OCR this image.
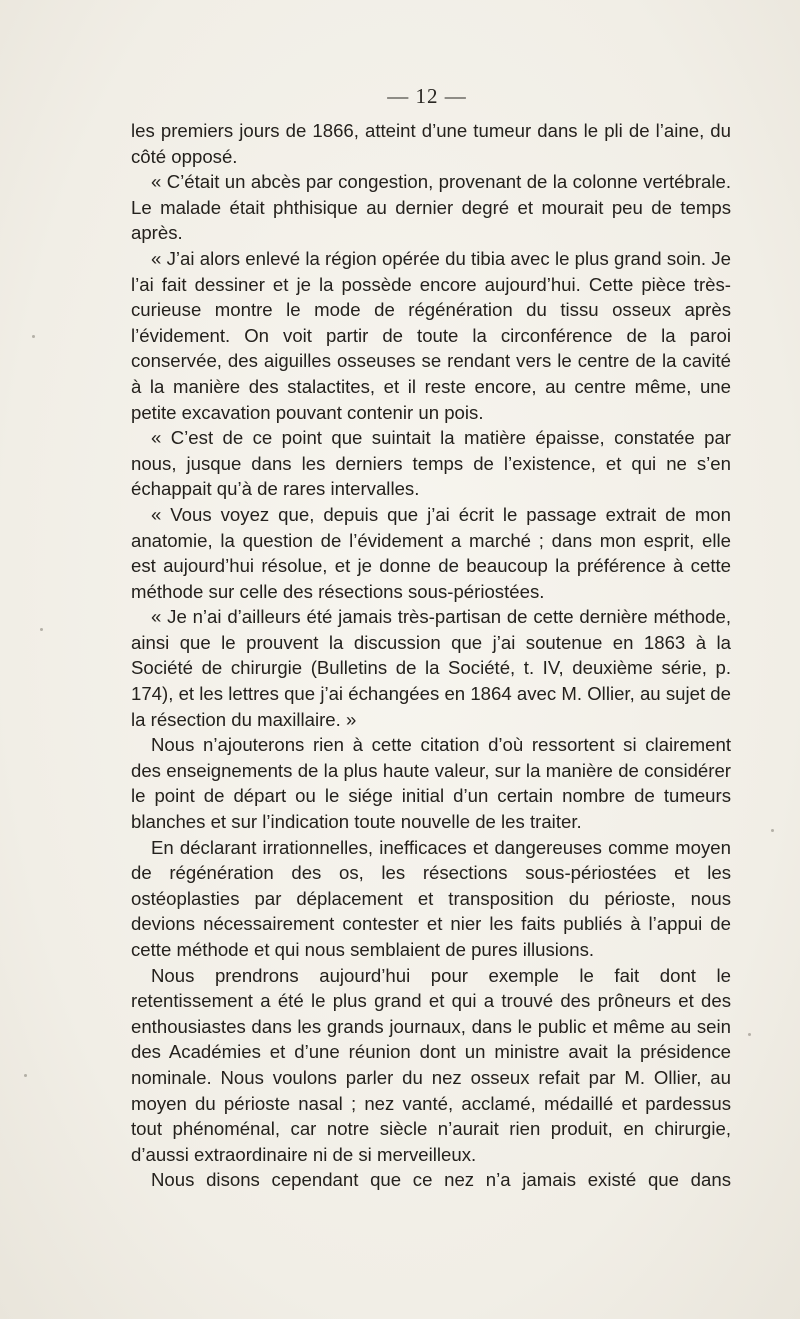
— 12 —

les premiers jours de 1866, atteint d’une tumeur dans le pli de l’aine, du côté opposé.

« C’était un abcès par congestion, provenant de la colonne vertébrale. Le malade était phthisique au dernier degré et mourait peu de temps après.

« J’ai alors enlevé la région opérée du tibia avec le plus grand soin. Je l’ai fait dessiner et je la possède encore aujourd’hui. Cette pièce très-curieuse montre le mode de régénération du tissu osseux après l’évidement. On voit partir de toute la circonférence de la paroi conservée, des aiguilles osseuses se rendant vers le centre de la cavité à la manière des stalactites, et il reste encore, au centre même, une petite excavation pouvant contenir un pois.

« C’est de ce point que suintait la matière épaisse, constatée par nous, jusque dans les derniers temps de l’existence, et qui ne s’en échappait qu’à de rares intervalles.

« Vous voyez que, depuis que j’ai écrit le passage extrait de mon anatomie, la question de l’évidement a marché ; dans mon esprit, elle est aujourd’hui résolue, et je donne de beaucoup la préférence à cette méthode sur celle des résections sous-périostées.

« Je n’ai d’ailleurs été jamais très-partisan de cette dernière méthode, ainsi que le prouvent la discussion que j’ai soutenue en 1863 à la Société de chirurgie (Bulletins de la Société, t. IV, deuxième série, p. 174), et les lettres que j’ai échangées en 1864 avec M. Ollier, au sujet de la résection du maxillaire. »

Nous n’ajouterons rien à cette citation d’où ressortent si clairement des enseignements de la plus haute valeur, sur la manière de considérer le point de départ ou le siége initial d’un certain nombre de tumeurs blanches et sur l’indication toute nouvelle de les traiter.

En déclarant irrationnelles, inefficaces et dangereuses comme moyen de régénération des os, les résections sous-périostées et les ostéoplasties par déplacement et transposition du périoste, nous devions nécessairement contester et nier les faits publiés à l’appui de cette méthode et qui nous semblaient de pures illusions.

Nous prendrons aujourd’hui pour exemple le fait dont le retentissement a été le plus grand et qui a trouvé des prôneurs et des enthousiastes dans les grands journaux, dans le public et même au sein des Académies et d’une réunion dont un ministre avait la présidence nominale. Nous voulons parler du nez osseux refait par M. Ollier, au moyen du périoste nasal ; nez vanté, acclamé, médaillé et pardessus tout phénoménal, car notre siècle n’aurait rien produit, en chirurgie, d’aussi extraordinaire ni de si merveilleux.

Nous disons cependant que ce nez n’a jamais existé que dans
